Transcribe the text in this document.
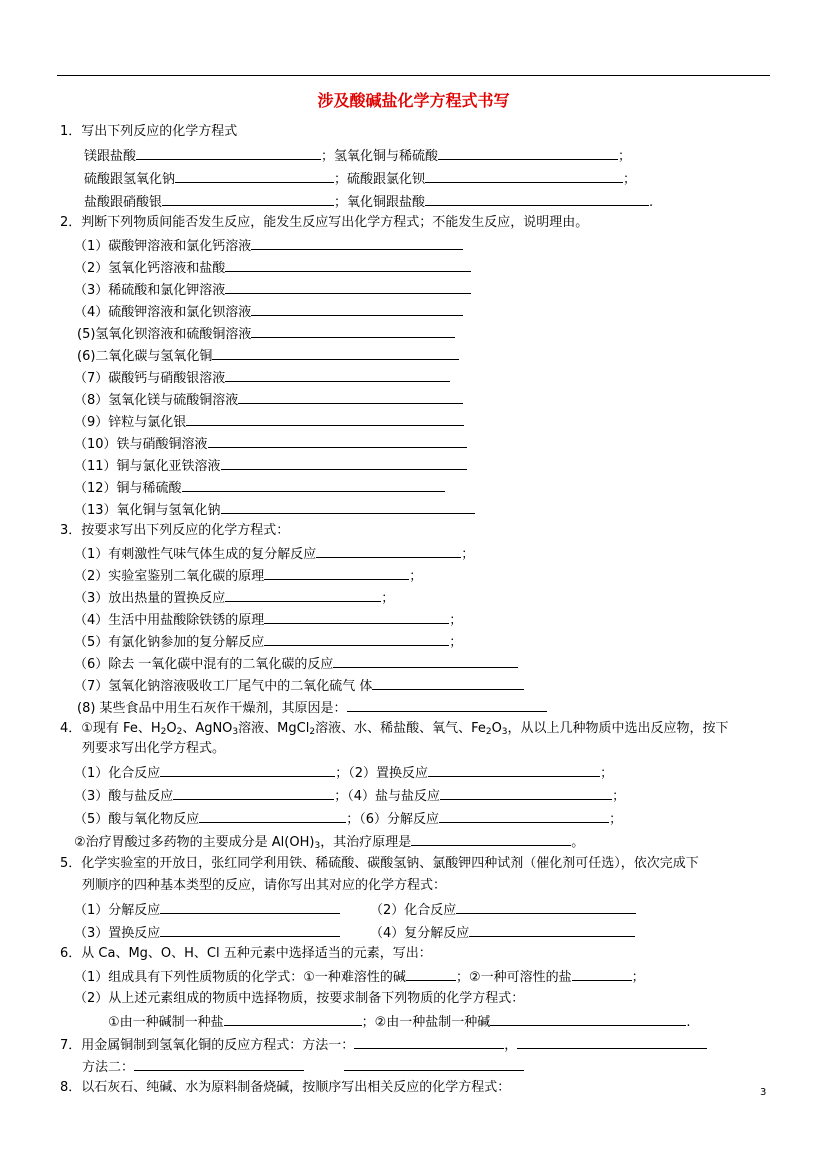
涉及酸碱盐化学方程式书写
1．写出下列反应的化学方程式
镁跟盐酸	；氢氧化铜与稀硫酸	；
硫酸跟氢氧化钠	；硫酸跟氯化钡	；
盐酸跟硝酸银	；氧化铜跟盐酸	.
2．判断下列物质间能否发生反应，能发生反应写出化学方程式；不能发生反应，说明理由。
（1）碳酸钾溶液和氯化钙溶液
（2）氢氧化钙溶液和盐酸
（3）稀硫酸和氯化钾溶液
（4）硫酸钾溶液和氯化钡溶液
(5)氢氧化钡溶液和硫酸铜溶液
(6)二氧化碳与氢氧化铜
（7）碳酸钙与硝酸银溶液
（8）氢氧化镁与硫酸铜溶液
（9）锌粒与氯化银
（10）铁与硝酸铜溶液
（11）铜与氯化亚铁溶液
（12）铜与稀硫酸
（13）氧化铜与氢氧化钠
3．按要求写出下列反应的化学方程式：
（1）有刺激性气味气体生成的复分解反应	；
（2）实验室鉴别二氧化碳的原理	；
（3）放出热量的置换反应	；
（4）生活中用盐酸除铁锈的原理	；
（5）有氯化钠参加的复分解反应	；
（6）除去 一氧化碳中混有的二氧化碳的反应
（7）氢氧化钠溶液吸收工厂尾气中的二氧化硫气 体
(8) 某些食品中用生石灰作干燥剂，其原因是：
4．①现有 Fe、$H_2O_2$、AgNO$_3$溶液、MgCl$_2$溶液、水、稀盐酸、氧气、$Fe_2O_3$，从以上几种物质中选出反应物，按下
列要求写出化学方程式。
（1）化合反应	；（2）置换反应	；
（3）酸与盐反应	；（4）盐与盐反应	；
（5）酸与氧化物反应	；（6）分解反应	；
②治疗胃酸过多药物的主要成分是 $Al(OH)_3$，其治疗原理是	。
5．化学实验室的开放日，张红同学利用铁、稀硫酸、碳酸氢钠、氯酸钾四种试剂（催化剂可任选），依次完成下
列顺序的四种基本类型的反应，请你写出其对应的化学方程式：
（1）分解反应	（2）化合反应
（3）置换反应	（4）复分解反应
6．从 Ca、Mg、O、H、Cl 五种元素中选择适当的元素，写出：
（1）组成具有下列性质物质的化学式：①一种难溶性的碱	；②一种可溶性的盐	；
（2）从上述元素组成的物质中选择物质，按要求制备下列物质的化学方程式：
①由一种碱制一种盐	；②由一种盐制一种碱	.
7．用金属铜制到氢氧化铜的反应方程式：方法一：	，
方法二：
8．以石灰石、纯碱、水为原料制备烧碱，按顺序写出相关反应的化学方程式：	3
